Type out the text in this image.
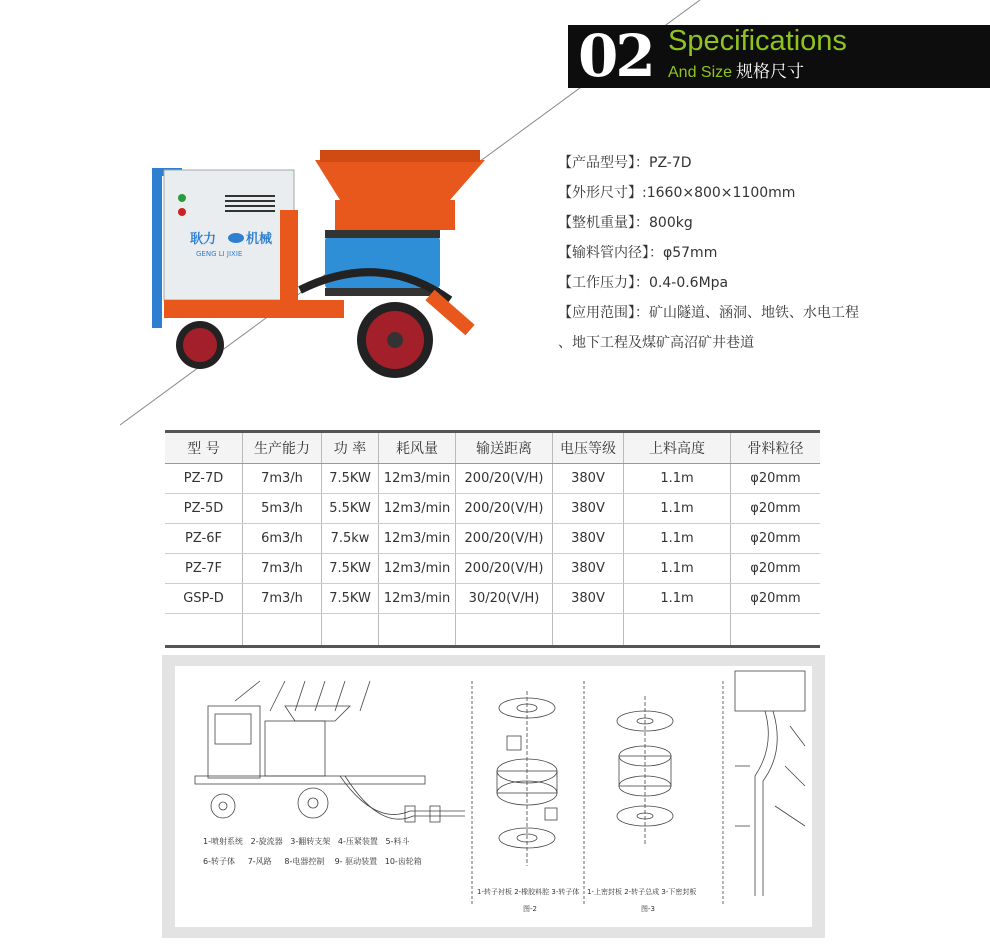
02 Specifications
And Size 规格尺寸
耿力 机械
GENG LI JIXIE
【产品型号】：PZ-7D
【外形尺寸】:1660×800×1100mm
【整机重量】：800kg
【输料管内径】：φ57mm
【工作压力】：0.4-0.6Mpa
【应用范围】：矿山隧道、涵洞、地铁、水电工程
、地下工程及煤矿高沼矿井巷道
型 号	生产能力	功 率	耗风量	输送距离	电压等级	上料高度	骨料粒径
PZ-7D	7m3/h	7.5KW	12m3/min	200/20(V/H)	380V	1.1m	φ20mm
PZ-5D	5m3/h	5.5KW	12m3/min	200/20(V/H)	380V	1.1m	φ20mm
PZ-6F	6m3/h	7.5kw	12m3/min	200/20(V/H)	380V	1.1m	φ20mm
PZ-7F	7m3/h	7.5KW	12m3/min	200/20(V/H)	380V	1.1m	φ20mm
GSP-D	7m3/h	7.5KW	12m3/min	30/20(V/H)	380V	1.1m	φ20mm

1-喷射系统 2-旋流器 3-翻转支架 4-压紧装置 5-料斗
6-转子体 7-风路 8-电器控制 9- 驱动装置 10-齿轮箱
1-转子衬板 2-橡胶料腔 3-转子体
图-2
1-上密封板 2-转子总成 3-下密封板
图-3
